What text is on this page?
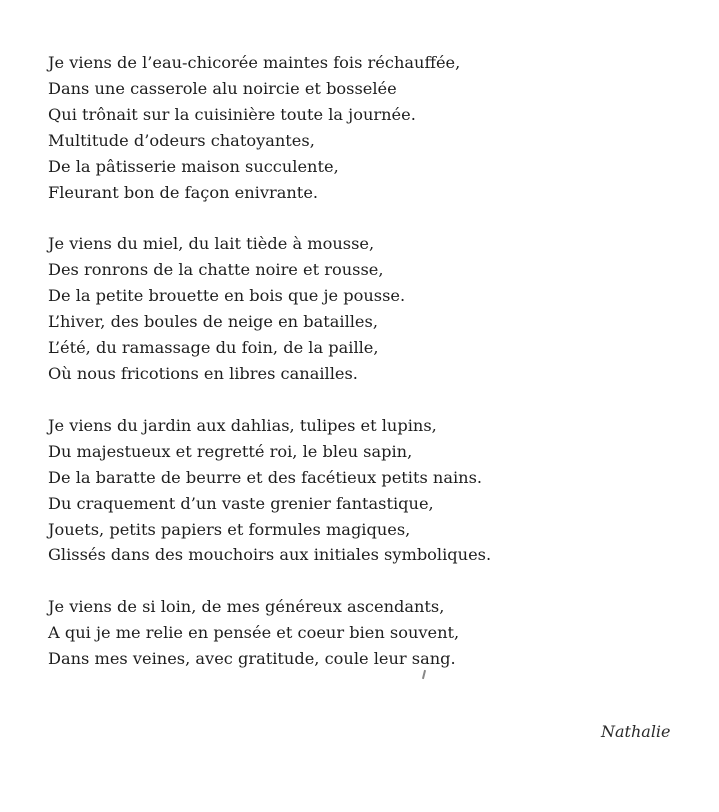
Je viens de l’eau-chicorée maintes fois réchauffée,
Dans une casserole alu noircie et bosselée
Qui trônait sur la cuisinière toute la journée.
Multitude d’odeurs chatoyantes,
De la pâtisserie maison succulente,
Fleurant bon de façon enivrante.
Je viens du miel, du lait tiède à mousse,
Des ronrons de la chatte noire et rousse,
De la petite brouette en bois que je pousse.
L’hiver, des boules de neige en batailles,
L’été, du ramassage du foin, de la paille,
Où nous fricotions en libres canailles.
Je viens du jardin aux dahlias, tulipes et lupins,
Du majestueux et regretté roi, le bleu sapin,
De la baratte de beurre et des facétieux petits nains.
Du craquement d’un vaste grenier fantastique,
Jouets, petits papiers et formules magiques,
Glissés dans des mouchoirs aux initiales symboliques.
Je viens de si loin, de mes généreux ascendants,
A qui je me relie en pensée et coeur bien souvent,
Dans mes veines, avec gratitude, coule leur sang.
Nathalie
